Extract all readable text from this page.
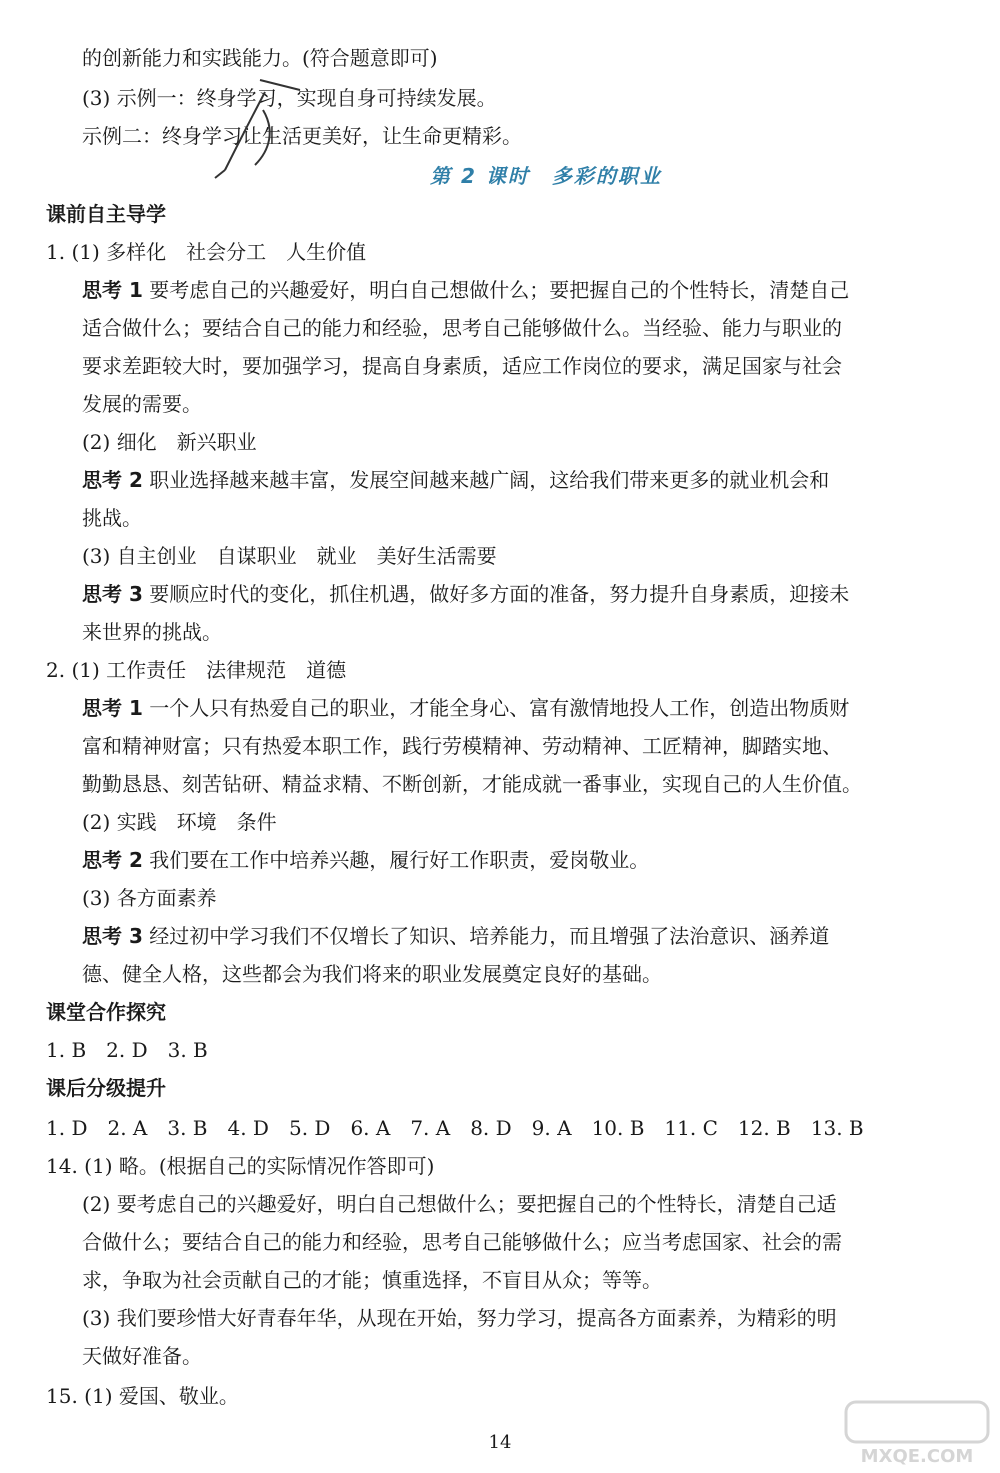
的创新能力和实践能力。(符合题意即可)
(3) 示例一：终身学习，实现自身可持续发展。
示例二：终身学习让生活更美好，让生命更精彩。
第 2 课时　多彩的职业
课前自主导学
1. (1) 多样化　社会分工　人生价值
思考 1 要考虑自己的兴趣爱好，明白自己想做什么；要把握自己的个性特长，清楚自己
适合做什么；要结合自己的能力和经验，思考自己能够做什么。当经验、能力与职业的
要求差距较大时，要加强学习，提高自身素质，适应工作岗位的要求，满足国家与社会
发展的需要。
(2) 细化　新兴职业
思考 2 职业选择越来越丰富，发展空间越来越广阔，这给我们带来更多的就业机会和
挑战。
(3) 自主创业　自谋职业　就业　美好生活需要
思考 3 要顺应时代的变化，抓住机遇，做好多方面的准备，努力提升自身素质，迎接未
来世界的挑战。
2. (1) 工作责任　法律规范　道德
思考 1 一个人只有热爱自己的职业，才能全身心、富有激情地投人工作，创造出物质财
富和精神财富；只有热爱本职工作，践行劳模精神、劳动精神、工匠精神，脚踏实地、
勤勤恳恳、刻苦钻研、精益求精、不断创新，才能成就一番事业，实现自己的人生价值。
(2) 实践　环境　条件
思考 2 我们要在工作中培养兴趣，履行好工作职责，爱岗敬业。
(3) 各方面素养
思考 3 经过初中学习我们不仅增长了知识、培养能力，而且增强了法治意识、涵养道
德、健全人格，这些都会为我们将来的职业发展奠定良好的基础。
课堂合作探究
1. B　2. D　3. B
课后分级提升
1. D　2. A　3. B　4. D　5. D　6. A　7. A　8. D　9. A　10. B　11. C　12. B　13. B
14. (1) 略。(根据自己的实际情况作答即可)
(2) 要考虑自己的兴趣爱好，明白自己想做什么；要把握自己的个性特长，清楚自己适
合做什么；要结合自己的能力和经验，思考自己能够做什么；应当考虑国家、社会的需
求，争取为社会贡献自己的才能；慎重选择，不盲目从众；等等。
(3) 我们要珍惜大好青春年华，从现在开始，努力学习，提高各方面素养，为精彩的明
天做好准备。
15. (1) 爱国、敬业。
14
MXQE.COM
